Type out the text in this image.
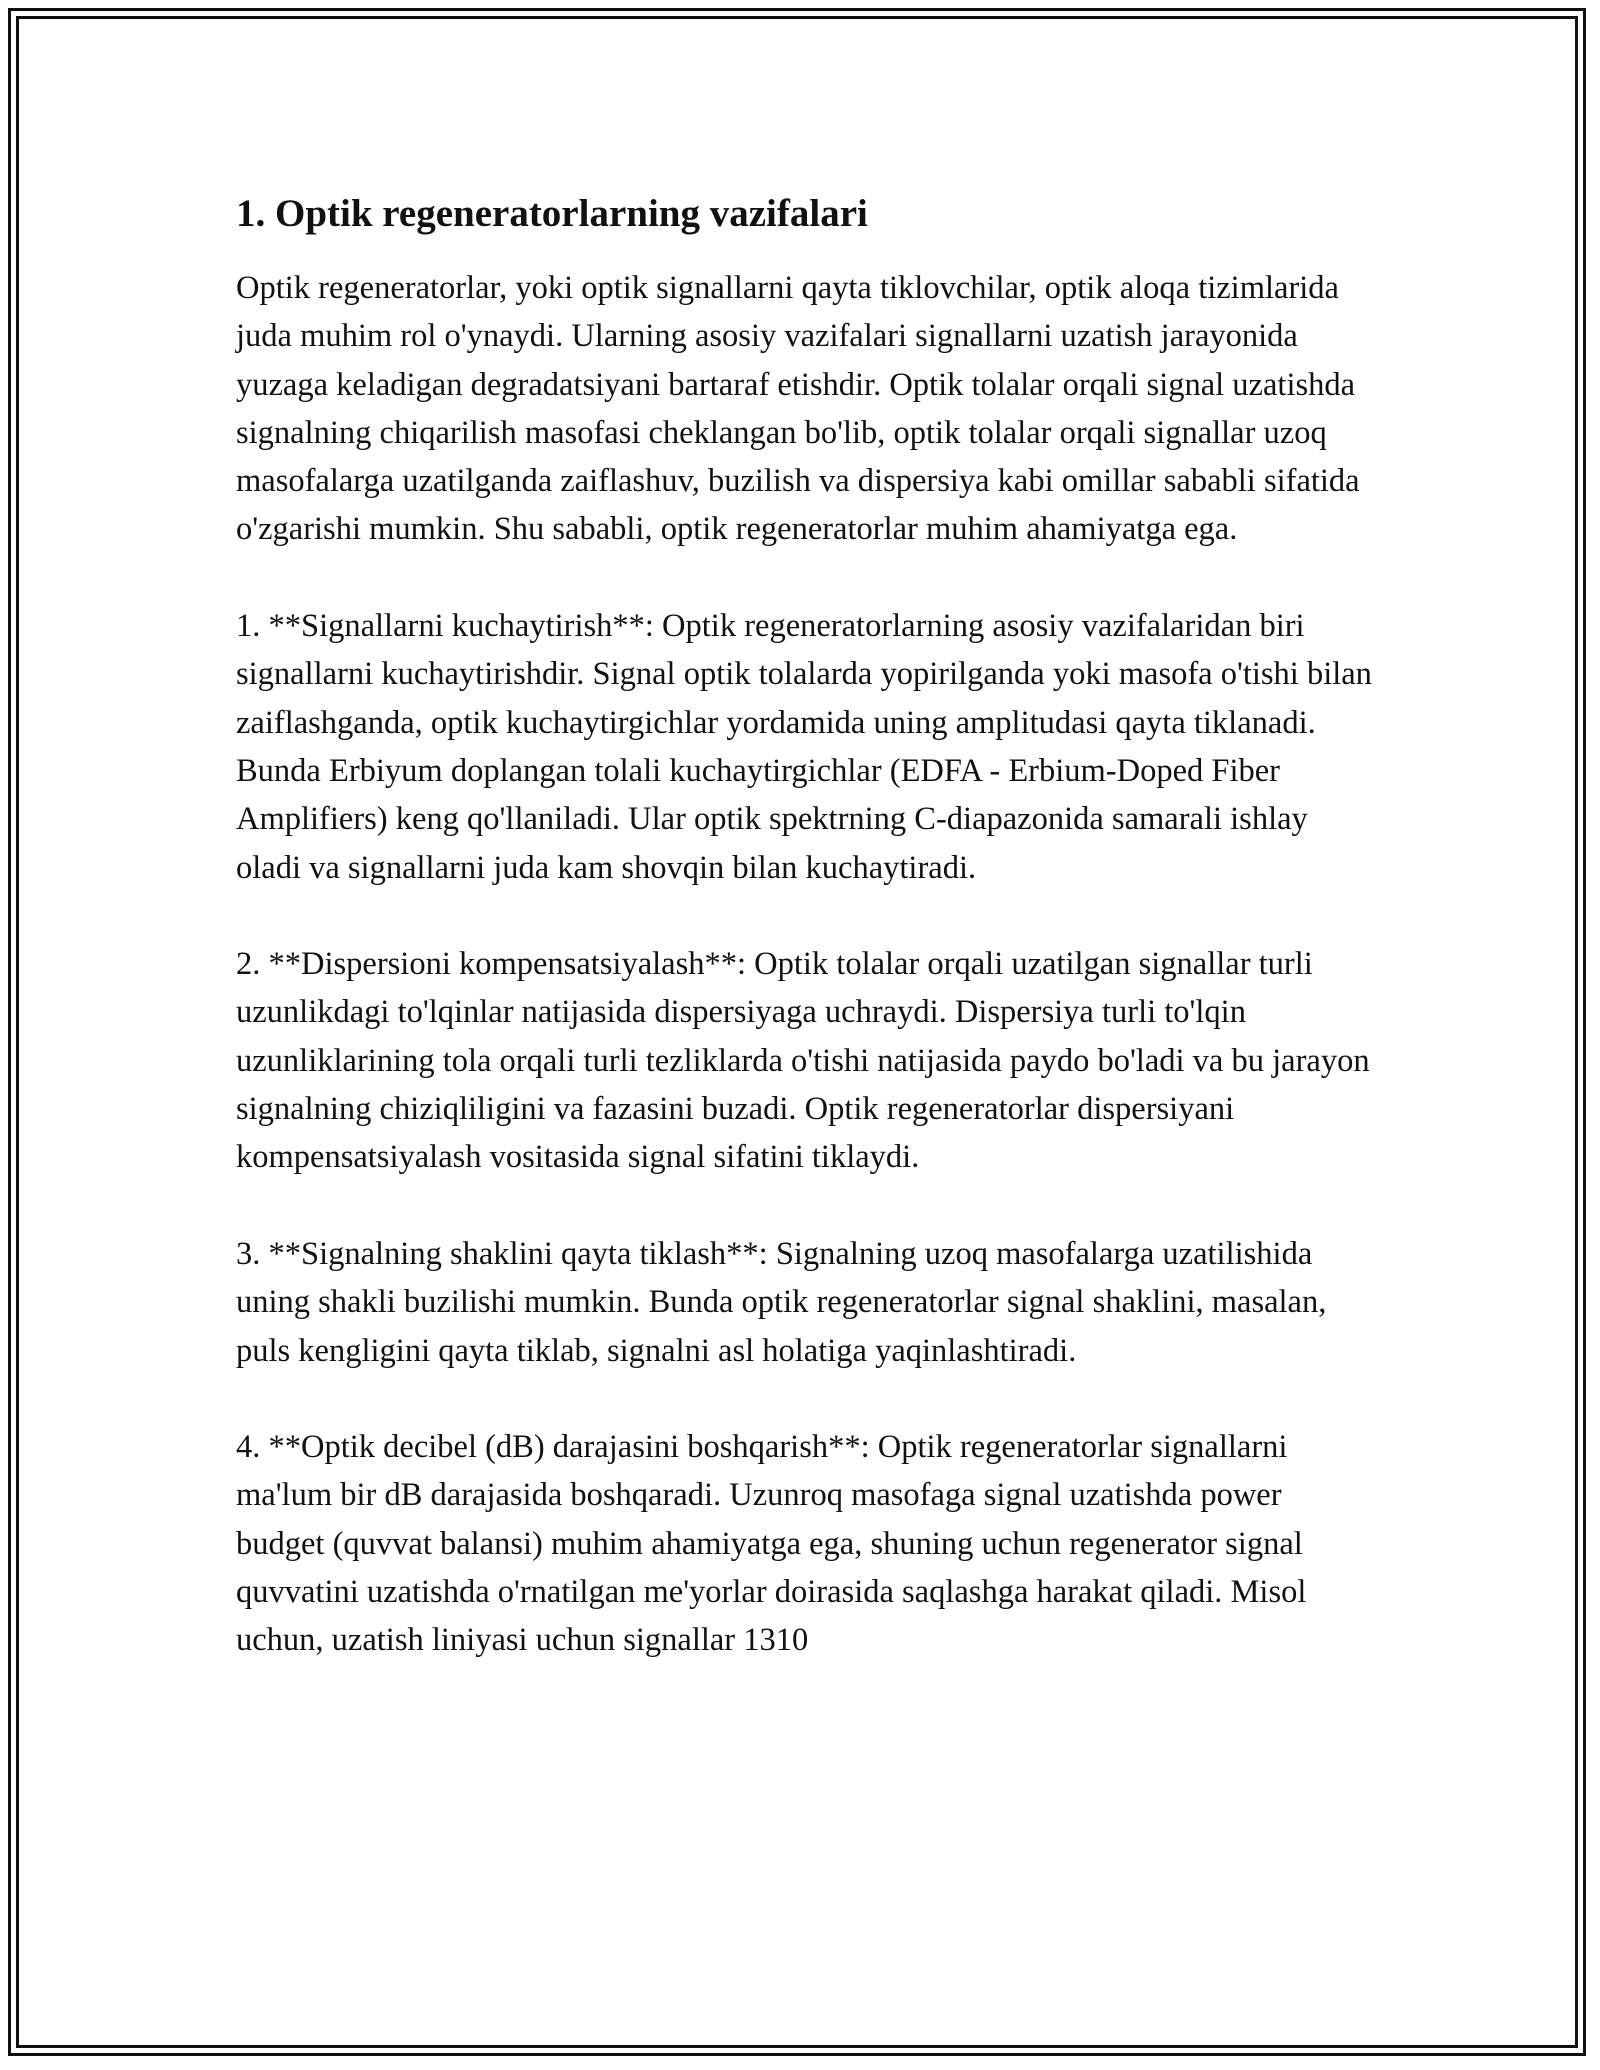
1. Optik regeneratorlarning vazifalari

Optik regeneratorlar, yoki optik signallarni qayta tiklovchilar, optik aloqa tizimlarida juda muhim rol o'ynaydi. Ularning asosiy vazifalari signallarni uzatish jarayonida yuzaga keladigan degradatsiyani bartaraf etishdir. Optik tolalar orqali signal uzatishda signalning chiqarilish masofasi cheklangan bo'lib, optik tolalar orqali signallar uzoq masofalarga uzatilganda zaiflashuv, buzilish va dispersiya kabi omillar sababli sifatida o'zgarishi mumkin. Shu sababli, optik regeneratorlar muhim ahamiyatga ega.

1. **Signallarni kuchaytirish**: Optik regeneratorlarning asosiy vazifalaridan biri signallarni kuchaytirishdir. Signal optik tolalarda yopirilganda yoki masofa o'tishi bilan zaiflashganda, optik kuchaytirgichlar yordamida uning amplitudasi qayta tiklanadi. Bunda Erbiyum doplangan tolali kuchaytirgichlar (EDFA - Erbium-Doped Fiber Amplifiers) keng qo'llaniladi. Ular optik spektrning C-diapazonida samarali ishlay oladi va signallarni juda kam shovqin bilan kuchaytiradi.

2. **Dispersioni kompensatsiyalash**: Optik tolalar orqali uzatilgan signallar turli uzunlikdagi to'lqinlar natijasida dispersiyaga uchraydi. Dispersiya turli to'lqin uzunliklarining tola orqali turli tezliklarda o'tishi natijasida paydo bo'ladi va bu jarayon signalning chiziqliligini va fazasini buzadi. Optik regeneratorlar dispersiyani kompensatsiyalash vositasida signal sifatini tiklaydi.

3. **Signalning shaklini qayta tiklash**: Signalning uzoq masofalarga uzatilishida uning shakli buzilishi mumkin. Bunda optik regeneratorlar signal shaklini, masalan, puls kengligini qayta tiklab, signalni asl holatiga yaqinlashtiradi.

4. **Optik decibel (dB) darajasini boshqarish**: Optik regeneratorlar signallarni ma'lum bir dB darajasida boshqaradi. Uzunroq masofaga signal uzatishda power budget (quvvat balansi) muhim ahamiyatga ega, shuning uchun regenerator signal quvvatini uzatishda o'rnatilgan me'yorlar doirasida saqlashga harakat qiladi. Misol uchun, uzatish liniyasi uchun signallar 1310
